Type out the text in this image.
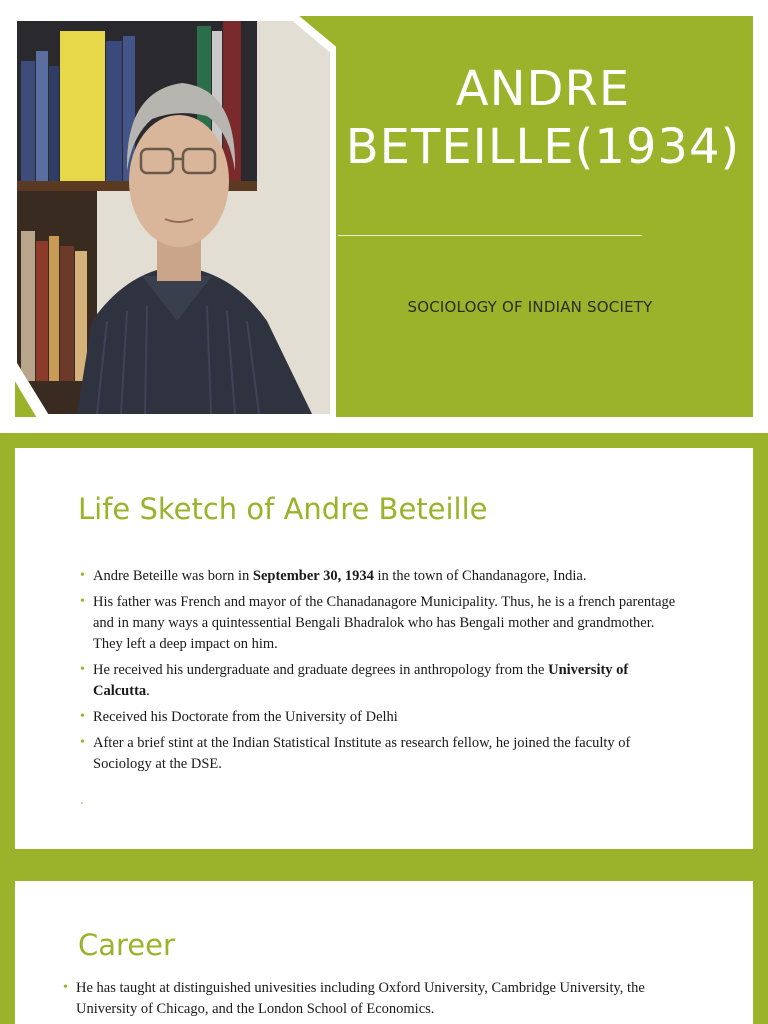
ANDRE
BETEILLE(1934)

SOCIOLOGY OF INDIAN SOCIETY

Life Sketch of Andre Beteille
• Andre Beteille was born in September 30, 1934 in the town of Chandanagore, India.
• His father was French and mayor of the Chanadanagore Municipality. Thus, he is a french parentage and in many ways a quintessential Bengali Bhadralok who has Bengali mother and grandmother. They left a deep impact on him.
• He received his undergraduate and graduate degrees in anthropology from the University of Calcutta.
• Received his Doctorate from the University of Delhi
• After a brief stint at the Indian Statistical Institute as research fellow, he joined the faculty of Sociology at the DSE.
Career
• He has taught at distinguished univesities including Oxford University, Cambridge University, the University of Chicago, and the London School of Economics.
